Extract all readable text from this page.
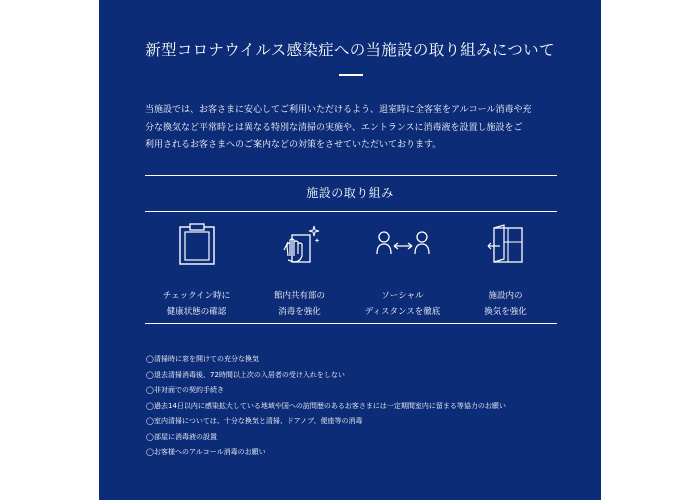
新型コロナウイルス感染症への当施設の取り組みについて
当施設では、お客さまに安心してご利用いただけるよう、退室時に全客室をアルコール消毒や充
分な換気など平常時とは異なる特別な清掃の実施や、エントランスに消毒液を設置し施設をご
利用されるお客さまへのご案内などの対策をさせていただいております。
施設の取り組み
チェックイン時に
健康状態の確認
館内共有部の
消毒を強化
ソーシャル
ディスタンスを徹底
施設内の
換気を強化
◯清掃時に窓を開けての充分な換気
◯退去清掃消毒後、72時間以上次の入居者の受け入れをしない
◯非対面での契約手続き
◯過去14日以内に感染拡大している地域や国への訪問歴のあるお客さまには一定期間室内に留まる等協力のお願い
◯室内清掃については、十分な換気と清掃、ドアノブ、便座等の消毒
◯部屋に消毒液の設置
◯お客様へのアルコール消毒のお願い
